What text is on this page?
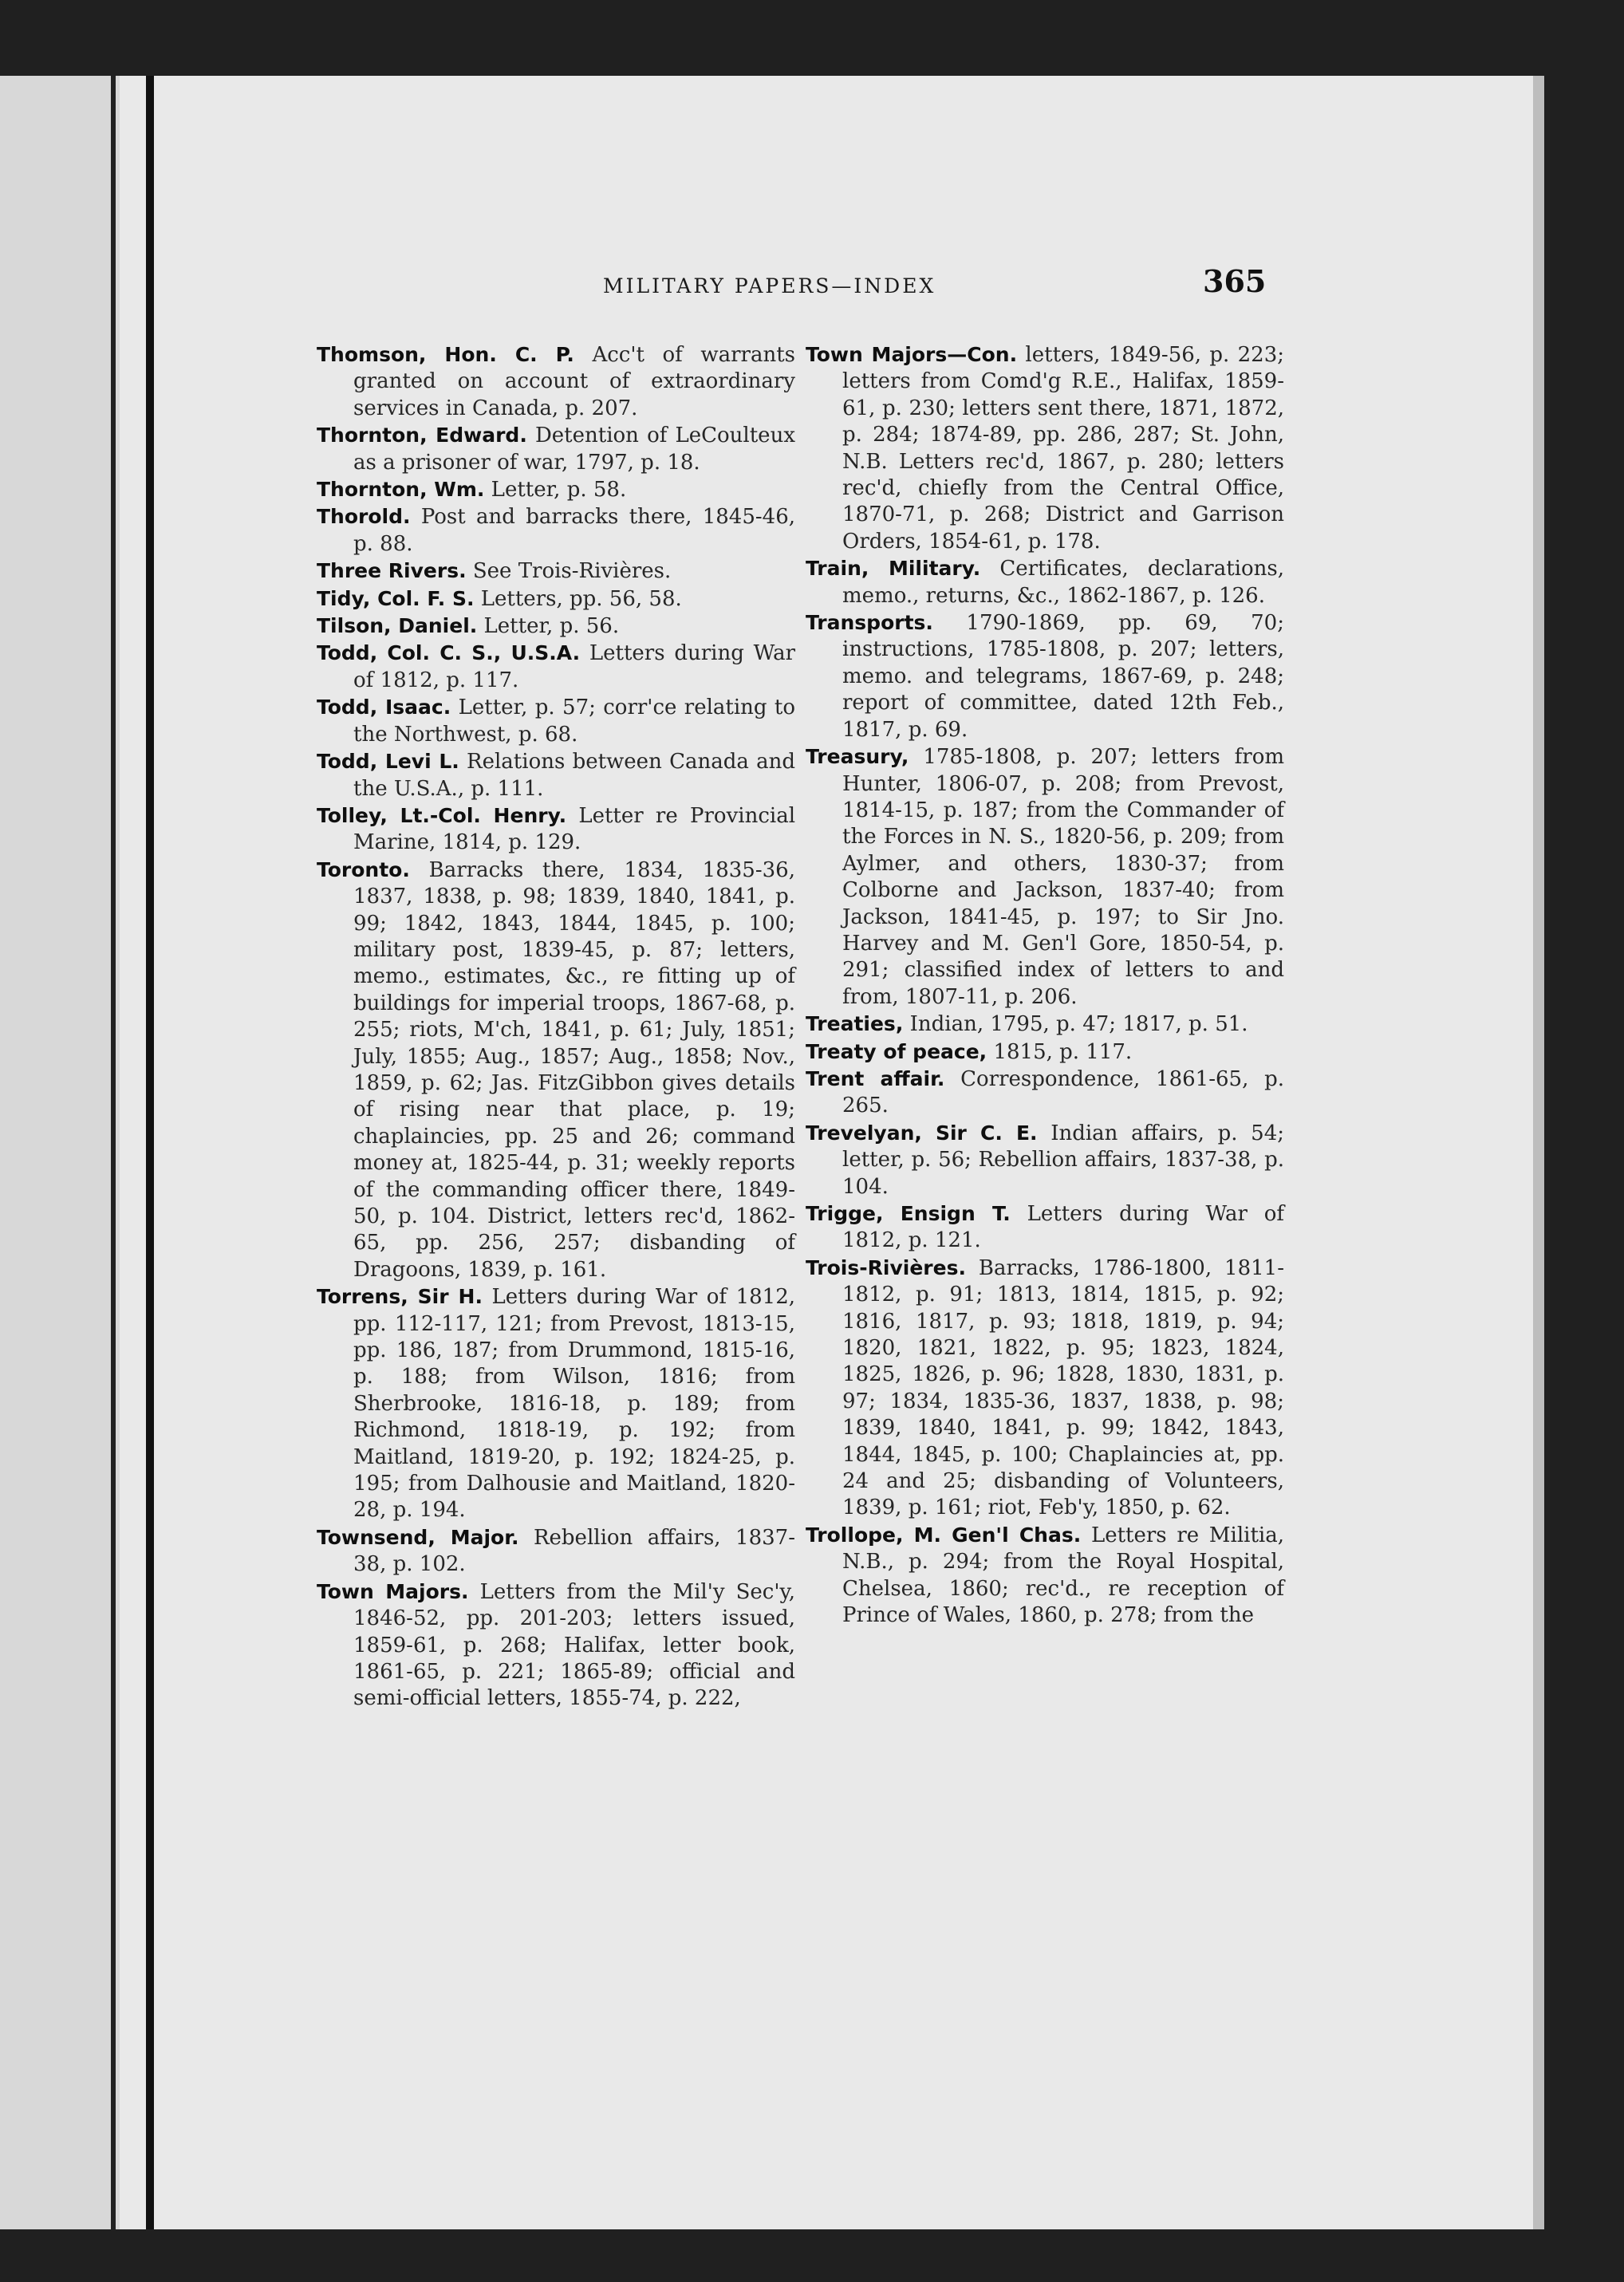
MILITARY PAPERS—INDEX	365

Thomson, Hon. C. P. Acc't of warrants granted on account of extraordinary services in Canada, p. 207.

Thornton, Edward. Detention of LeCoulteux as a prisoner of war, 1797, p. 18.

Thornton, Wm. Letter, p. 58.

Thorold. Post and barracks there, 1845-46, p. 88.

Three Rivers. See Trois-Rivières.

Tidy, Col. F. S. Letters, pp. 56, 58.

Tilson, Daniel. Letter, p. 56.

Todd, Col. C. S., U.S.A. Letters during War of 1812, p. 117.

Todd, Isaac. Letter, p. 57; corr'ce relating to the Northwest, p. 68.

Todd, Levi L. Relations between Canada and the U.S.A., p. 111.

Tolley, Lt.-Col. Henry. Letter re Provincial Marine, 1814, p. 129.

Toronto. Barracks there, 1834, 1835-36, 1837, 1838, p. 98; 1839, 1840, 1841, p. 99; 1842, 1843, 1844, 1845, p. 100; military post, 1839-45, p. 87; letters, memo., estimates, &c., re fitting up of buildings for imperial troops, 1867-68, p. 255; riots, M'ch, 1841, p. 61; July, 1851; July, 1855; Aug., 1857; Aug., 1858; Nov., 1859, p. 62; Jas. FitzGibbon gives details of rising near that place, p. 19; chaplaincies, pp. 25 and 26; command money at, 1825-44, p. 31; weekly reports of the commanding officer there, 1849-50, p. 104. District, letters rec'd, 1862-65, pp. 256, 257; disbanding of Dragoons, 1839, p. 161.

Torrens, Sir H. Letters during War of 1812, pp. 112-117, 121; from Prevost, 1813-15, pp. 186, 187; from Drummond, 1815-16, p. 188; from Wilson, 1816; from Sherbrooke, 1816-18, p. 189; from Richmond, 1818-19, p. 192; from Maitland, 1819-20, p. 192; 1824-25, p. 195; from Dalhousie and Maitland, 1820-28, p. 194.

Townsend, Major. Rebellion affairs, 1837-38, p. 102.

Town Majors. Letters from the Mil'y Sec'y, 1846-52, pp. 201-203; letters issued, 1859-61, p. 268; Halifax, letter book, 1861-65, p. 221; 1865-89; official and semi-official letters, 1855-74, p. 222,

Town Majors—Con. letters, 1849-56, p. 223; letters from Comd'g R.E., Halifax, 1859-61, p. 230; letters sent there, 1871, 1872, p. 284; 1874-89, pp. 286, 287; St. John, N.B. Letters rec'd, 1867, p. 280; letters rec'd, chiefly from the Central Office, 1870-71, p. 268; District and Garrison Orders, 1854-61, p. 178.

Train, Military. Certificates, declarations, memo., returns, &c., 1862-1867, p. 126.

Transports. 1790-1869, pp. 69, 70; instructions, 1785-1808, p. 207; letters, memo. and telegrams, 1867-69, p. 248; report of committee, dated 12th Feb., 1817, p. 69.

Treasury, 1785-1808, p. 207; letters from Hunter, 1806-07, p. 208; from Prevost, 1814-15, p. 187; from the Commander of the Forces in N. S., 1820-56, p. 209; from Aylmer, and others, 1830-37; from Colborne and Jackson, 1837-40; from Jackson, 1841-45, p. 197; to Sir Jno. Harvey and M. Gen'l Gore, 1850-54, p. 291; classified index of letters to and from, 1807-11, p. 206.

Treaties, Indian, 1795, p. 47; 1817, p. 51.

Treaty of peace, 1815, p. 117.

Trent affair. Correspondence, 1861-65, p. 265.

Trevelyan, Sir C. E. Indian affairs, p. 54; letter, p. 56; Rebellion affairs, 1837-38, p. 104.

Trigge, Ensign T. Letters during War of 1812, p. 121.

Trois-Rivières. Barracks, 1786-1800, 1811-1812, p. 91; 1813, 1814, 1815, p. 92; 1816, 1817, p. 93; 1818, 1819, p. 94; 1820, 1821, 1822, p. 95; 1823, 1824, 1825, 1826, p. 96; 1828, 1830, 1831, p. 97; 1834, 1835-36, 1837, 1838, p. 98; 1839, 1840, 1841, p. 99; 1842, 1843, 1844, 1845, p. 100; Chaplaincies at, pp. 24 and 25; disbanding of Volunteers, 1839, p. 161; riot, Feb'y, 1850, p. 62.

Trollope, M. Gen'l Chas. Letters re Militia, N.B., p. 294; from the Royal Hospital, Chelsea, 1860; rec'd., re reception of Prince of Wales, 1860, p. 278; from the
